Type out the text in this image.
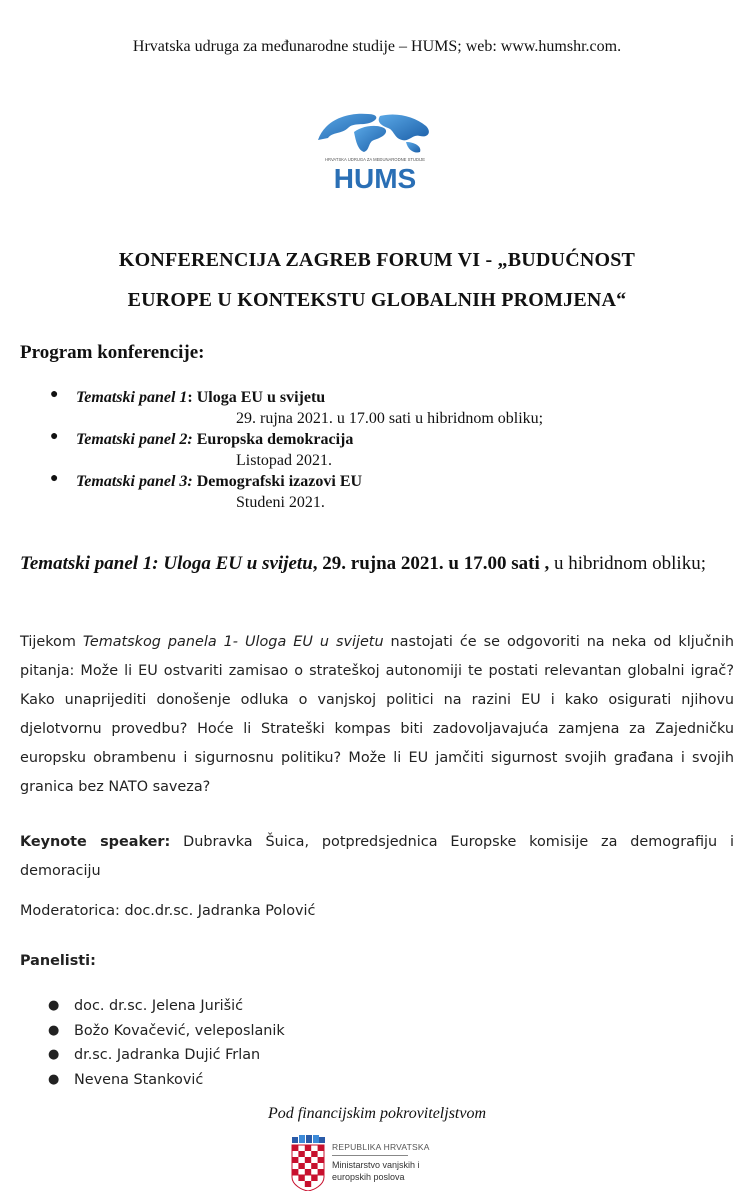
Hrvatska udruga za međunarodne studije – HUMS; web: www.humshr.com.
HRVATSKA UDRUGA ZA MEĐUNARODNE STUDIJE
HUMS
KONFERENCIJA ZAGREB FORUM VI - „BUDUĆNOST
EUROPE U KONTEKSTU GLOBALNIH PROMJENA“
Program konferencije:
● Tematski panel 1: Uloga EU u svijetu
29. rujna 2021. u 17.00 sati u hibridnom obliku;
● Tematski panel 2: Europska demokracija
Listopad 2021.
● Tematski panel 3: Demografski izazovi EU
Studeni 2021.
Tematski panel 1: Uloga EU u svijetu, 29. rujna 2021. u 17.00 sati , u hibridnom obliku;
Tijekom Tematskog panela 1- Uloga EU u svijetu nastojati će se odgovoriti na neka od ključnih pitanja: Može li EU ostvariti zamisao o strateškoj autonomiji te postati relevantan globalni igrač? Kako unaprijediti donošenje odluka o vanjskoj politici na razini EU i kako osigurati njihovu djelotvornu provedbu? Hoće li Strateški kompas biti zadovoljavajuća zamjena za Zajedničku europsku obrambenu i sigurnosnu politiku? Može li EU jamčiti sigurnost svojih građana i svojih granica bez NATO saveza?
Keynote speaker: Dubravka Šuica, potpredsjednica Europske komisije za demografiju i demoraciju
Moderatorica: doc.dr.sc. Jadranka Polović
Panelisti:
● doc. dr.sc. Jelena Jurišić
● Božo Kovačević, veleposlanik
● dr.sc. Jadranka Dujić Frlan
● Nevena Stanković
Pod financijskim pokroviteljstvom
REPUBLIKA HRVATSKA
Ministarstvo vanjskih i
europskih poslova
